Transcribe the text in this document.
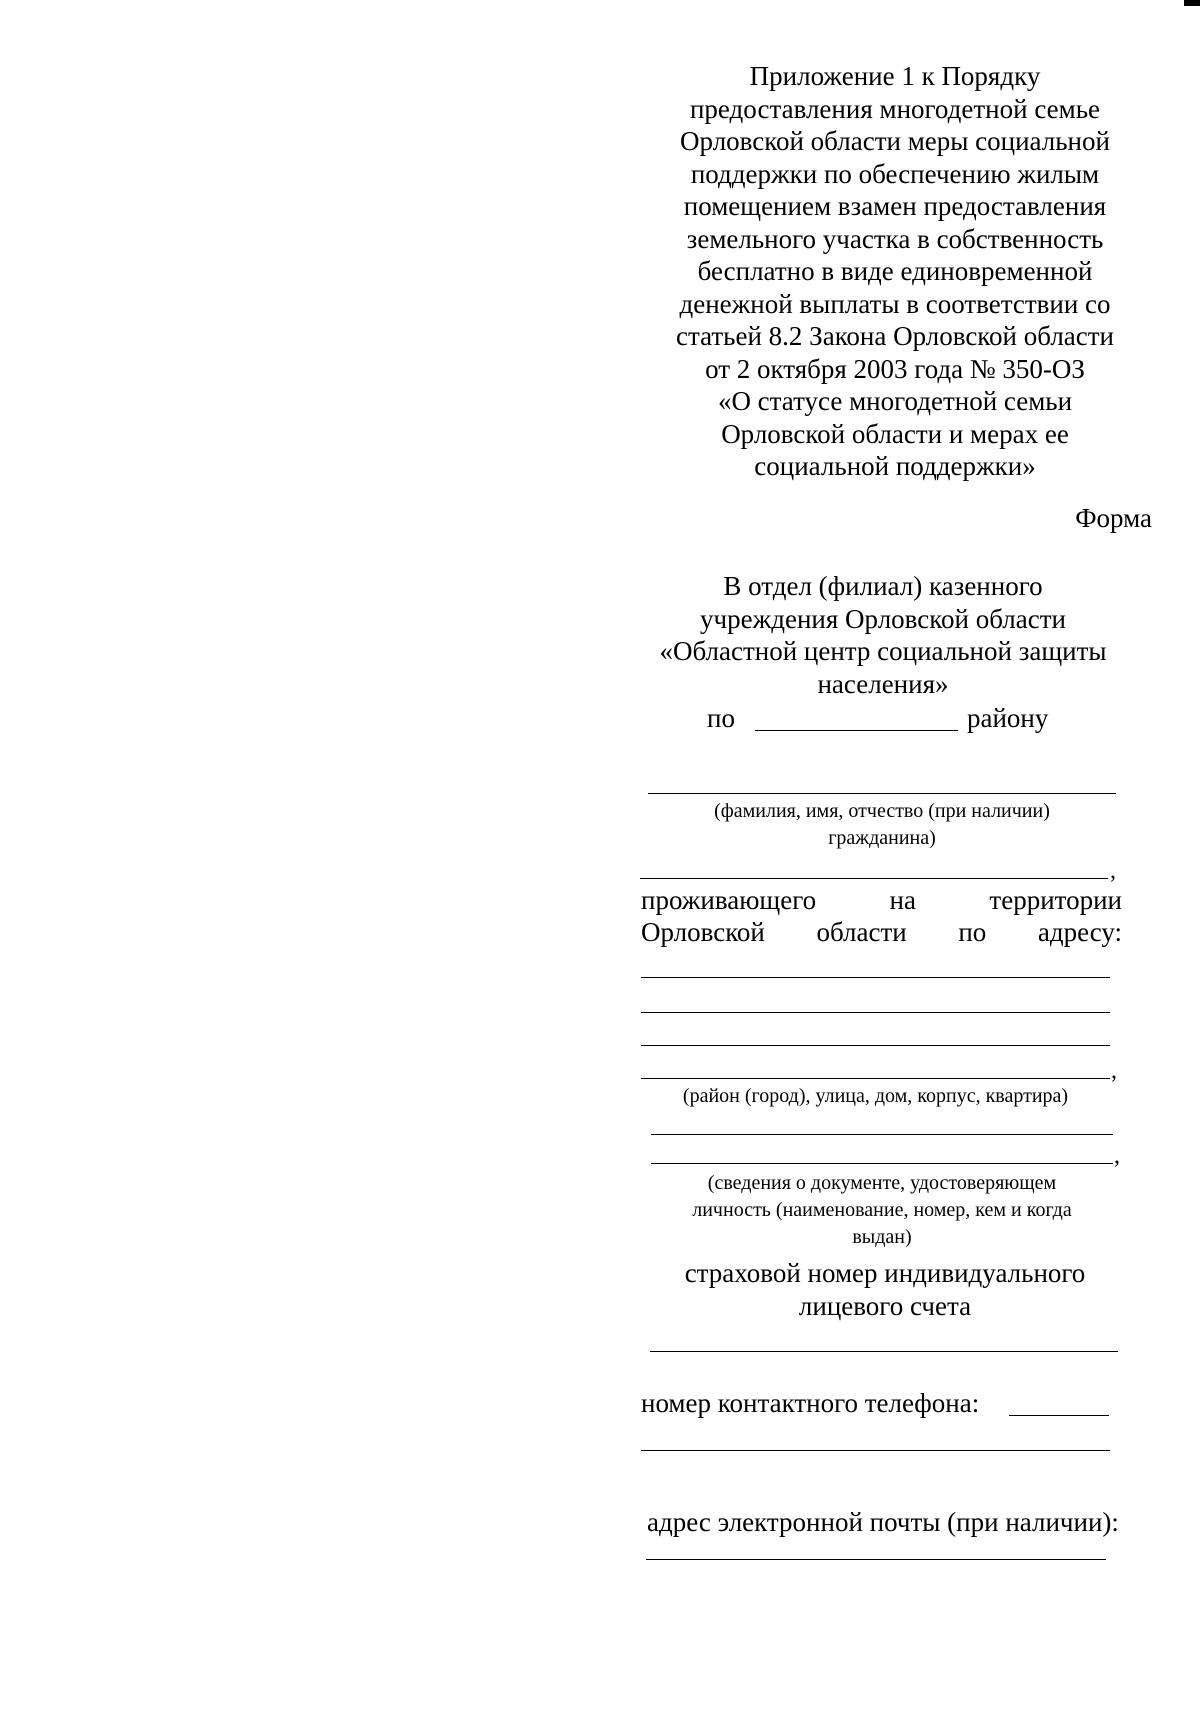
Приложение 1 к Порядку
предоставления многодетной семье
Орловской области меры социальной
поддержки по обеспечению жилым
помещением взамен предоставления
земельного участка в собственность
бесплатно в виде единовременной
денежной выплаты в соответствии со
статьей 8.2 Закона Орловской области
от 2 октября 2003 года № 350-ОЗ
«О статусе многодетной семьи
Орловской области и мерах ее
социальной поддержки»
Форма
В отдел (филиал) казенного
учреждения Орловской области
«Областной центр социальной защиты
населения»
по	району
(фамилия, имя, отчество (при наличии)
гражданина)
,
проживающего	на	территории
Орловской области по адресу:
,
(район (город), улица, дом, корпус, квартира)
,
(сведения о документе, удостоверяющем
личность (наименование, номер, кем и когда
выдан)
страховой номер индивидуального
лицевого счета
номер контактного телефона:
адрес электронной почты (при наличии):
